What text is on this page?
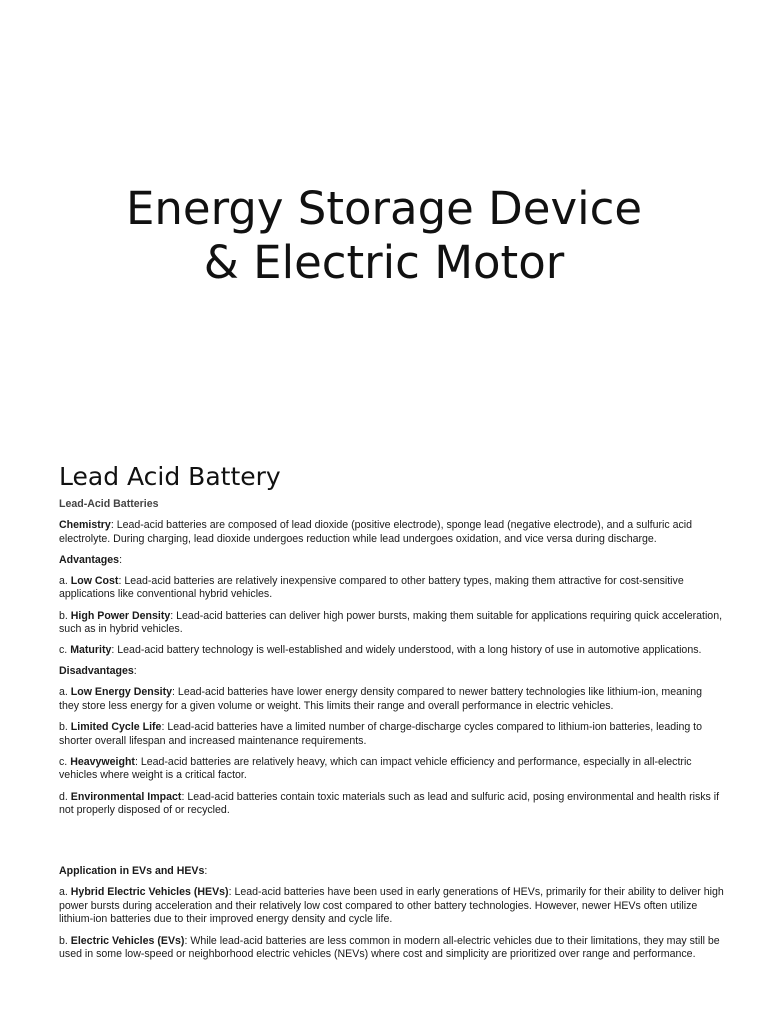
Energy Storage Device
& Electric Motor
Lead Acid Battery

Lead-Acid Batteries

Chemistry: Lead-acid batteries are composed of lead dioxide (positive electrode), sponge lead (negative electrode), and a sulfuric acid electrolyte. During charging, lead dioxide undergoes reduction while lead undergoes oxidation, and vice versa during discharge.

Advantages:

a. Low Cost: Lead-acid batteries are relatively inexpensive compared to other battery types, making them attractive for cost-sensitive applications like conventional hybrid vehicles.

b. High Power Density: Lead-acid batteries can deliver high power bursts, making them suitable for applications requiring quick acceleration, such as in hybrid vehicles.

c. Maturity: Lead-acid battery technology is well-established and widely understood, with a long history of use in automotive applications.

Disadvantages:

a. Low Energy Density: Lead-acid batteries have lower energy density compared to newer battery technologies like lithium-ion, meaning they store less energy for a given volume or weight. This limits their range and overall performance in electric vehicles.

b. Limited Cycle Life: Lead-acid batteries have a limited number of charge-discharge cycles compared to lithium-ion batteries, leading to shorter overall lifespan and increased maintenance requirements.

c. Heavyweight: Lead-acid batteries are relatively heavy, which can impact vehicle efficiency and performance, especially in all-electric vehicles where weight is a critical factor.

d. Environmental Impact: Lead-acid batteries contain toxic materials such as lead and sulfuric acid, posing environmental and health risks if not properly disposed of or recycled.

Application in EVs and HEVs:

a. Hybrid Electric Vehicles (HEVs): Lead-acid batteries have been used in early generations of HEVs, primarily for their ability to deliver high power bursts during acceleration and their relatively low cost compared to other battery technologies. However, newer HEVs often utilize lithium-ion batteries due to their improved energy density and cycle life.

b. Electric Vehicles (EVs): While lead-acid batteries are less common in modern all-electric vehicles due to their limitations, they may still be used in some low-speed or neighborhood electric vehicles (NEVs) where cost and simplicity are prioritized over range and performance.
